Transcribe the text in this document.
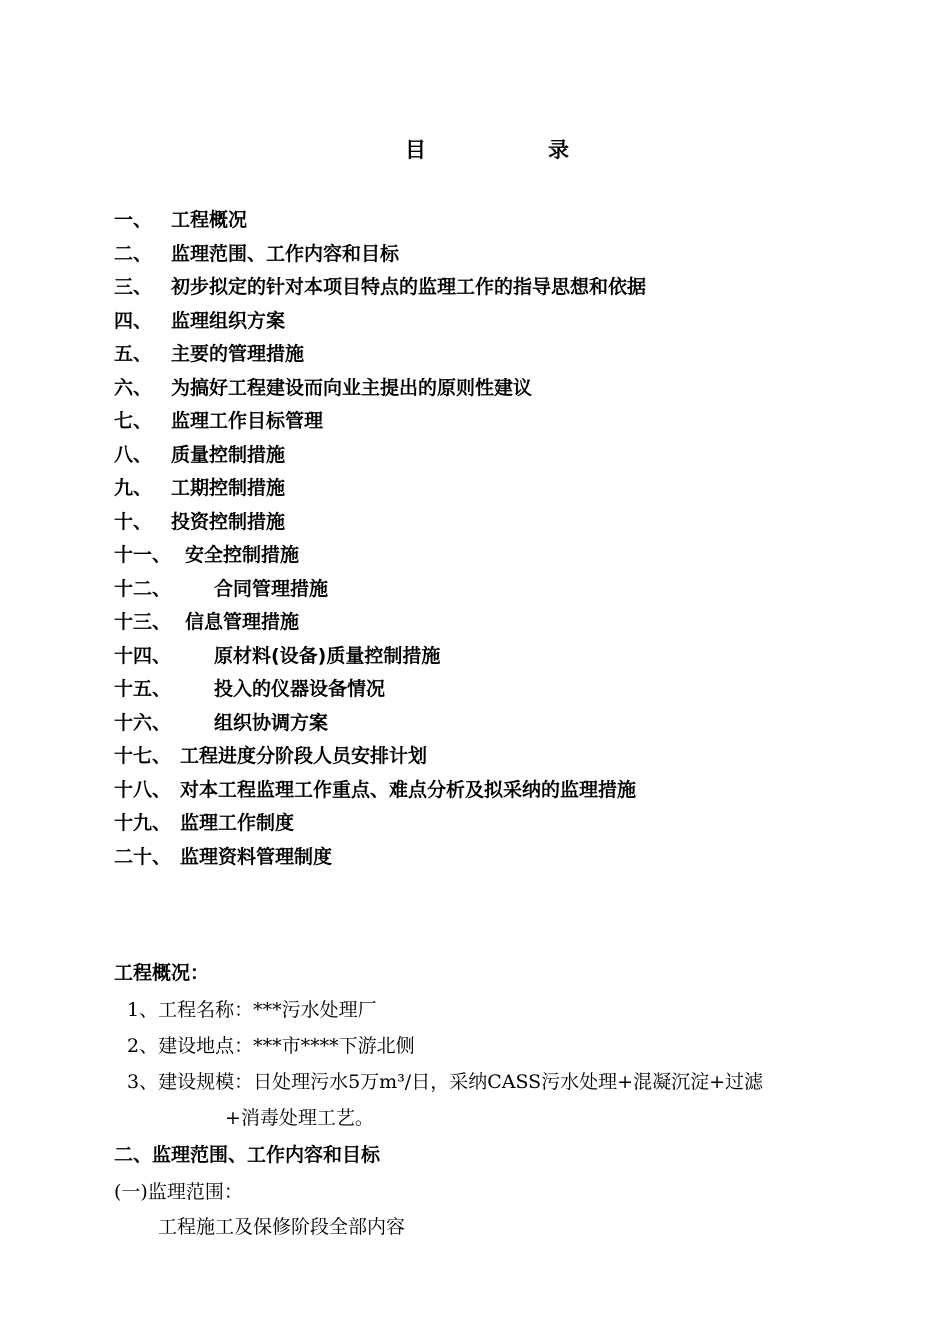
目	录
一、 工程概况
二、 监理范围、工作内容和目标
三、 初步拟定的针对本项目特点的监理工作的指导思想和依据
四、 监理组织方案
五、 主要的管理措施
六、 为搞好工程建设而向业主提出的原则性建议
七、 监理工作目标管理
八、 质量控制措施
九、 工期控制措施
十、 投资控制措施
十一、 安全控制措施
十二、 合同管理措施
十三、 信息管理措施
十四、 原材料(设备)质量控制措施
十五、 投入的仪器设备情况
十六、 组织协调方案
十七、 工程进度分阶段人员安排计划
十八、 对本工程监理工作重点、难点分析及拟采纳的监理措施
十九、 监理工作制度
二十、 监理资料管理制度
工程概况：
1、工程名称：***污水处理厂
2、建设地点：***市****下游北侧
3、建设规模：日处理污水5万m³/日，采纳CASS污水处理+混凝沉淀+过滤
+消毒处理工艺。
二、监理范围、工作内容和目标
(一)监理范围：
工程施工及保修阶段全部内容
